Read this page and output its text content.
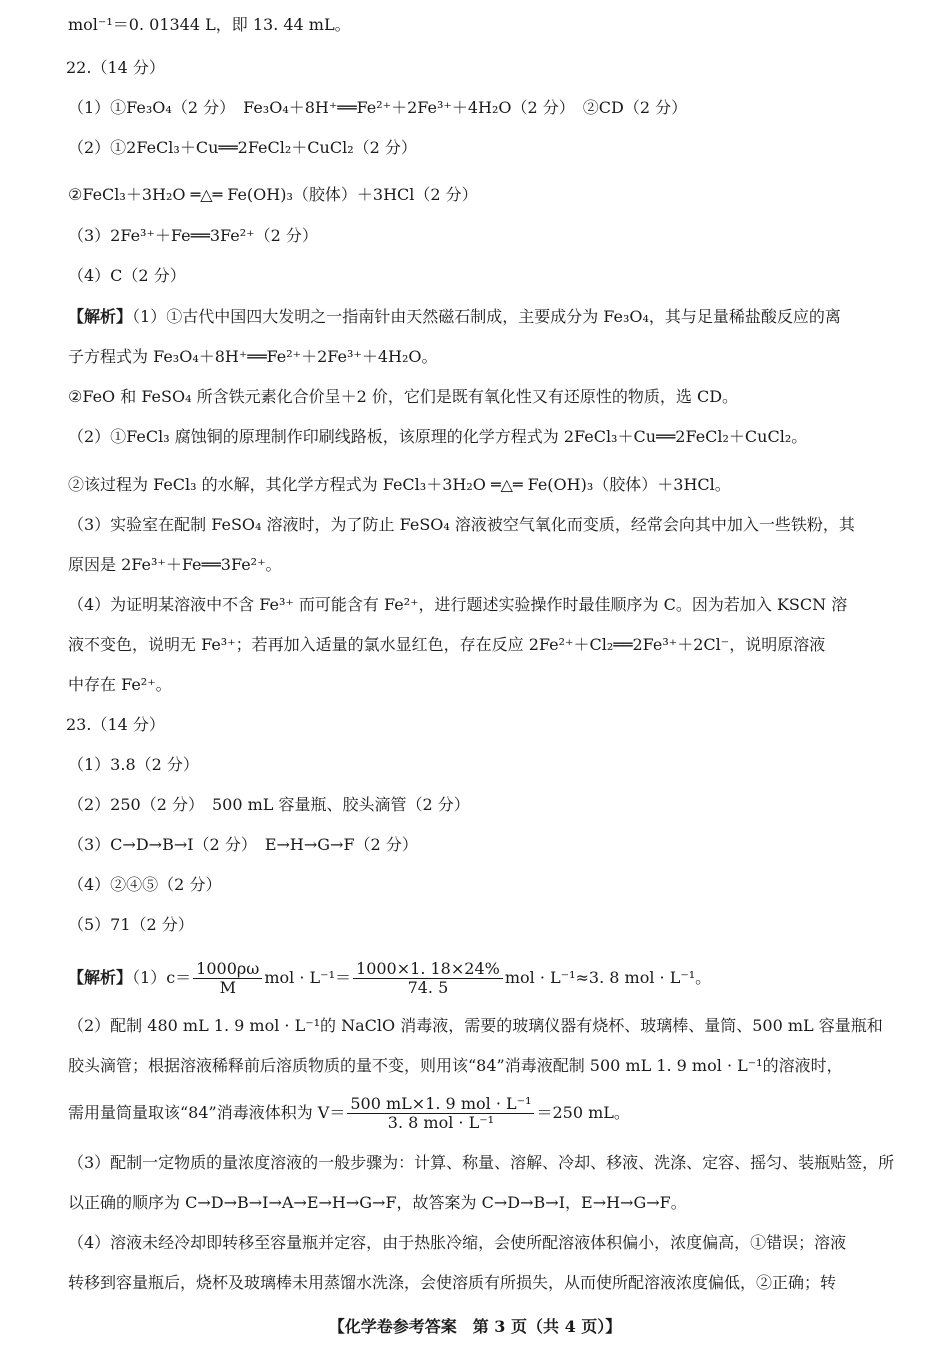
mol⁻¹＝0. 01344 L，即 13. 44 mL。
22.（14 分）
（1）①Fe₃O₄（2 分）　Fe₃O₄＋8H⁺══Fe²⁺＋2Fe³⁺＋4H₂O（2 分）　②CD（2 分）
（2）①2FeCl₃＋Cu══2FeCl₂＋CuCl₂（2 分）
②FeCl₃＋3H₂O ═△═ Fe(OH)₃（胶体）＋3HCl（2 分）
（3）2Fe³⁺＋Fe══3Fe²⁺（2 分）
（4）C（2 分）
【解析】（1）①古代中国四大发明之一指南针由天然磁石制成，主要成分为 Fe₃O₄，其与足量稀盐酸反应的离
子方程式为 Fe₃O₄＋8H⁺══Fe²⁺＋2Fe³⁺＋4H₂O。
②FeO 和 FeSO₄ 所含铁元素化合价呈＋2 价，它们是既有氧化性又有还原性的物质，选 CD。
（2）①FeCl₃ 腐蚀铜的原理制作印刷线路板，该原理的化学方程式为 2FeCl₃＋Cu══2FeCl₂＋CuCl₂。
②该过程为 FeCl₃ 的水解，其化学方程式为 FeCl₃＋3H₂O ═△═ Fe(OH)₃（胶体）＋3HCl。
（3）实验室在配制 FeSO₄ 溶液时，为了防止 FeSO₄ 溶液被空气氧化而变质，经常会向其中加入一些铁粉，其
原因是 2Fe³⁺＋Fe══3Fe²⁺。
（4）为证明某溶液中不含 Fe³⁺ 而可能含有 Fe²⁺，进行题述实验操作时最佳顺序为 C。因为若加入 KSCN 溶
液不变色，说明无 Fe³⁺；若再加入适量的氯水显红色，存在反应 2Fe²⁺＋Cl₂══2Fe³⁺＋2Cl⁻，说明原溶液
中存在 Fe²⁺。
23.（14 分）
（1）3.8（2 分）
（2）250（2 分）　500 mL 容量瓶、胶头滴管（2 分）
（3）C→D→B→I（2 分）　E→H→G→F（2 分）
（4）②④⑤（2 分）
（5）71（2 分）
【解析】$(1)c= \frac{1000\rho\omega}{M}$ mol · $L^{-1}= \frac{1000\times 1. 18\times 24\%}{74. 5}$ mol · L⁻¹≈3. 8 mol · L⁻¹。
（2）配制 480 mL 1. 9 mol · L⁻¹的 NaClO 消毒液，需要的玻璃仪器有烧杯、玻璃棒、量筒、500 mL 容量瓶和
胶头滴管；根据溶液稀释前后溶质物质的量不变，则用该“84”消毒液配制 500 mL 1. 9 mol · L⁻¹的溶液时，
需用量筒量取该“84”消毒液体积为 $V= \frac{\text{500 mL×1. 9 mol · L⁻¹}}{\text{3. 8 mol · L⁻¹}} =250$ mL。
（3）配制一定物质的量浓度溶液的一般步骤为：计算、称量、溶解、冷却、移液、洗涤、定容、摇匀、装瓶贴签，所
以正确的顺序为 C→D→B→I→A→E→H→G→F，故答案为 C→D→B→I，E→H→G→F。
（4）溶液未经冷却即转移至容量瓶并定容，由于热胀冷缩，会使所配溶液体积偏小，浓度偏高，①错误；溶液
转移到容量瓶后，烧杯及玻璃棒未用蒸馏水洗涤，会使溶质有所损失，从而使所配溶液浓度偏低，②正确；转
【化学卷参考答案　第 3 页（共 4 页）】
